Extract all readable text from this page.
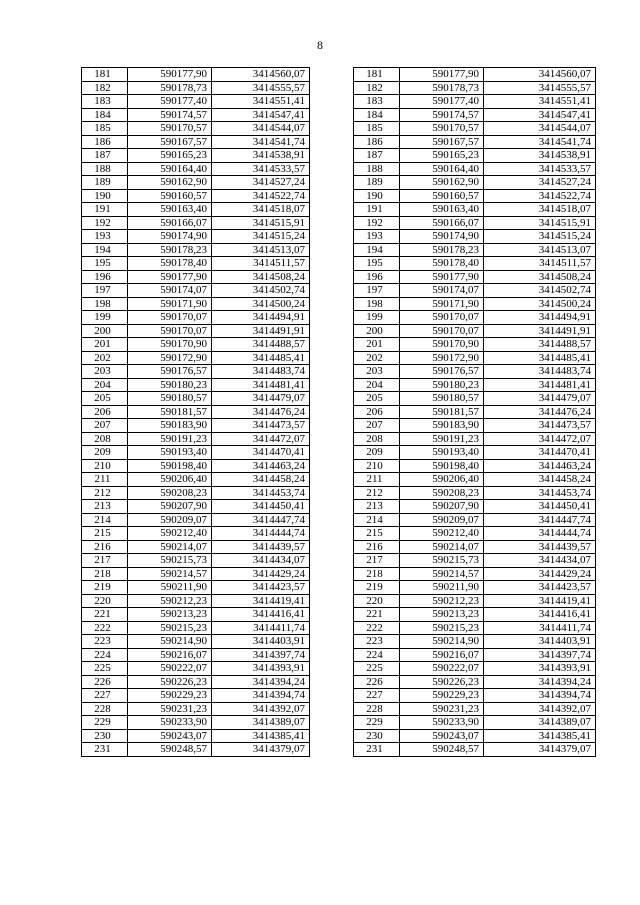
8
181	590177,90	3414560,07		181	590177,90	3414560,07
182	590178,73	3414555,57		182	590178,73	3414555,57
183	590177,40	3414551,41		183	590177,40	3414551,41
184	590174,57	3414547,41		184	590174,57	3414547,41
185	590170,57	3414544,07		185	590170,57	3414544,07
186	590167,57	3414541,74		186	590167,57	3414541,74
187	590165,23	3414538,91		187	590165,23	3414538,91
188	590164,40	3414533,57		188	590164,40	3414533,57
189	590162,90	3414527,24		189	590162,90	3414527,24
190	590160,57	3414522,74		190	590160,57	3414522,74
191	590163,40	3414518,07		191	590163,40	3414518,07
192	590166,07	3414515,91		192	590166,07	3414515,91
193	590174,90	3414515,24		193	590174,90	3414515,24
194	590178,23	3414513,07		194	590178,23	3414513,07
195	590178,40	3414511,57		195	590178,40	3414511,57
196	590177,90	3414508,24		196	590177,90	3414508,24
197	590174,07	3414502,74		197	590174,07	3414502,74
198	590171,90	3414500,24		198	590171,90	3414500,24
199	590170,07	3414494,91		199	590170,07	3414494,91
200	590170,07	3414491,91		200	590170,07	3414491,91
201	590170,90	3414488,57		201	590170,90	3414488,57
202	590172,90	3414485,41		202	590172,90	3414485,41
203	590176,57	3414483,74		203	590176,57	3414483,74
204	590180,23	3414481,41		204	590180,23	3414481,41
205	590180,57	3414479,07		205	590180,57	3414479,07
206	590181,57	3414476,24		206	590181,57	3414476,24
207	590183,90	3414473,57		207	590183,90	3414473,57
208	590191,23	3414472,07		208	590191,23	3414472,07
209	590193,40	3414470,41		209	590193,40	3414470,41
210	590198,40	3414463,24		210	590198,40	3414463,24
211	590206,40	3414458,24		211	590206,40	3414458,24
212	590208,23	3414453,74		212	590208,23	3414453,74
213	590207,90	3414450,41		213	590207,90	3414450,41
214	590209,07	3414447,74		214	590209,07	3414447,74
215	590212,40	3414444,74		215	590212,40	3414444,74
216	590214,07	3414439,57		216	590214,07	3414439,57
217	590215,73	3414434,07		217	590215,73	3414434,07
218	590214,57	3414429,24		218	590214,57	3414429,24
219	590211,90	3414423,57		219	590211,90	3414423,57
220	590212,23	3414419,41		220	590212,23	3414419,41
221	590213,23	3414416,41		221	590213,23	3414416,41
222	590215,23	3414411,74		222	590215,23	3414411,74
223	590214,90	3414403,91		223	590214,90	3414403,91
224	590216,07	3414397,74		224	590216,07	3414397,74
225	590222,07	3414393,91		225	590222,07	3414393,91
226	590226,23	3414394,24		226	590226,23	3414394,24
227	590229,23	3414394,74		227	590229,23	3414394,74
228	590231,23	3414392,07		228	590231,23	3414392,07
229	590233,90	3414389,07		229	590233,90	3414389,07
230	590243,07	3414385,41		230	590243,07	3414385,41
231	590248,57	3414379,07		231	590248,57	3414379,07
